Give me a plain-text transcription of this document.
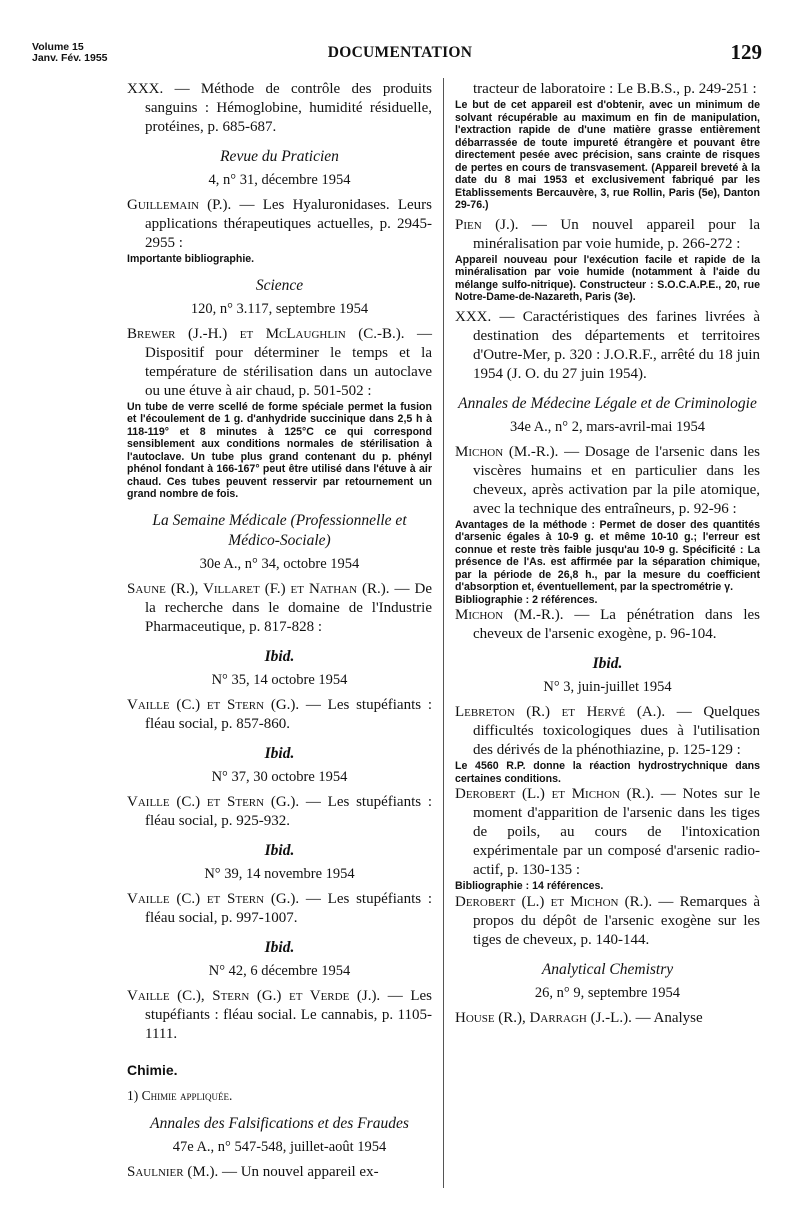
Volume 15
Janv. Fév. 1955	DOCUMENTATION	129

XXX. — Méthode de contrôle des produits sanguins : Hémoglobine, humidité résiduelle, protéines, p. 685-687.

Revue du Praticien
4, n° 31, décembre 1954

Guillemain (P.). — Les Hyaluronidases. Leurs applications thérapeutiques actuelles, p. 2945-2955 :

Importante bibliographie.

Science
120, n° 3.117, septembre 1954

Brewer (J.-H.) et McLaughlin (C.-B.). — Dispositif pour déterminer le temps et la température de stérilisation dans un autoclave ou une étuve à air chaud, p. 501-502 :

Un tube de verre scellé de forme spéciale permet la fusion et l'écoulement de 1 g. d'anhydride succinique dans 2,5 h à 118-119° et 8 minutes à 125°C ce qui correspond sensiblement aux conditions normales de stérilisation à l'autoclave. Un tube plus grand contenant du p. phényl phénol fondant à 166-167° peut être utilisé dans l'étuve à air chaud. Ces tubes peuvent resservir par retournement un grand nombre de fois.

La Semaine Médicale (Professionnelle et Médico-Sociale)
30e A., n° 34, octobre 1954

Saune (R.), Villaret (F.) et Nathan (R.). — De la recherche dans le domaine de l'Industrie Pharmaceutique, p. 817-828 :

Ibid.
N° 35, 14 octobre 1954

Vaille (C.) et Stern (G.). — Les stupéfiants : fléau social, p. 857-860.

Ibid.
N° 37, 30 octobre 1954

Vaille (C.) et Stern (G.). — Les stupéfiants : fléau social, p. 925-932.

Ibid.
N° 39, 14 novembre 1954

Vaille (C.) et Stern (G.). — Les stupéfiants : fléau social, p. 997-1007.

Ibid.
N° 42, 6 décembre 1954

Vaille (C.), Stern (G.) et Verde (J.). — Les stupéfiants : fléau social. Le cannabis, p. 1105-1111.

Chimie.
1) Chimie appliquée.
Annales des Falsifications et des Fraudes
47e A., n° 547-548, juillet-août 1954

Saulnier (M.). — Un nouvel appareil ex-

tracteur de laboratoire : Le B.B.S., p. 249-251 :

Le but de cet appareil est d'obtenir, avec un minimum de solvant récupérable au maximum en fin de manipulation, l'extraction rapide de d'une matière grasse entièrement débarrassée de toute impureté étrangère et pouvant être directement pesée avec précision, sans crainte de risques de pertes en cours de transvasement. (Appareil breveté à la date du 8 mai 1953 et exclusivement fabriqué par les Etablissements Bercauvère, 3, rue Rollin, Paris (5e), Danton 29-76.)

Pien (J.). — Un nouvel appareil pour la minéralisation par voie humide, p. 266-272 :

Appareil nouveau pour l'exécution facile et rapide de la minéralisation par voie humide (notamment à l'aide du mélange sulfo-nitrique). Constructeur : S.O.C.A.P.E., 20, rue Notre-Dame-de-Nazareth, Paris (3e).

XXX. — Caractéristiques des farines livrées à destination des départements et territoires d'Outre-Mer, p. 320 : J.O.R.F., arrêté du 18 juin 1954 (J. O. du 27 juin 1954).

Annales de Médecine Légale et de Criminologie
34e A., n° 2, mars-avril-mai 1954

Michon (M.-R.). — Dosage de l'arsenic dans les viscères humains et en particulier dans les cheveux, après activation par la pile atomique, avec la technique des entraîneurs, p. 92-96 :

Avantages de la méthode : Permet de doser des quantités d'arsenic égales à 10-9 g. et même 10-10 g.; l'erreur est connue et reste très faible jusqu'au 10-9 g. Spécificité : La présence de l'As. est affirmée par la séparation chimique, par la période de 26,8 h., par la mesure du coefficient d'absorption et, éventuellement, par la spectrométrie γ.

Bibliographie : 2 références.

Michon (M.-R.). — La pénétration dans les cheveux de l'arsenic exogène, p. 96-104.

Ibid.
N° 3, juin-juillet 1954

Lebreton (R.) et Hervé (A.). — Quelques difficultés toxicologiques dues à l'utilisation des dérivés de la phénothiazine, p. 125-129 :

Le 4560 R.P. donne la réaction hydrostrychnique dans certaines conditions.

Derobert (L.) et Michon (R.). — Notes sur le moment d'apparition de l'arsenic dans les tiges de poils, au cours de l'intoxication expérimentale par un composé d'arsenic radio-actif, p. 130-135 :

Bibliographie : 14 références.

Derobert (L.) et Michon (R.). — Remarques à propos du dépôt de l'arsenic exogène sur les tiges de cheveux, p. 140-144.

Analytical Chemistry
26, n° 9, septembre 1954

House (R.), Darragh (J.-L.). — Analyse
